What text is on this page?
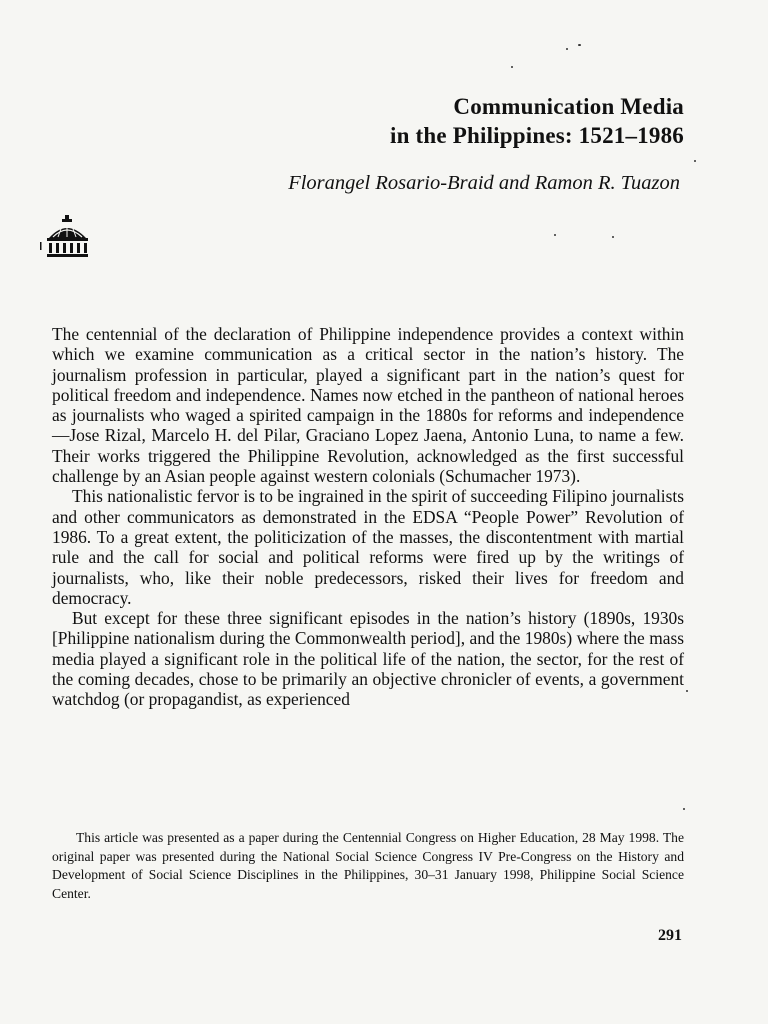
Communication Media
in the Philippines: 1521–1986
Florangel Rosario-Braid and Ramon R. Tuazon

The centennial of the declaration of Philippine independence provides a context within which we examine communication as a critical sector in the nation’s history. The journalism profession in particular, played a significant part in the nation’s quest for political freedom and independence. Names now etched in the pantheon of national heroes as journalists who waged a spirited campaign in the 1880s for reforms and independence—Jose Rizal, Marcelo H. del Pilar, Graciano Lopez Jaena, Antonio Luna, to name a few. Their works triggered the Philippine Revolution, acknowledged as the first successful challenge by an Asian people against western colonials (Schumacher 1973).

This nationalistic fervor is to be ingrained in the spirit of succeeding Filipino journalists and other communicators as demonstrated in the EDSA “People Power” Revolution of 1986. To a great extent, the politicization of the masses, the discontentment with martial rule and the call for social and political reforms were fired up by the writings of journalists, who, like their noble predecessors, risked their lives for freedom and democracy.

But except for these three significant episodes in the nation’s history (1890s, 1930s [Philippine nationalism during the Commonwealth period], and the 1980s) where the mass media played a significant role in the political life of the nation, the sector, for the rest of the coming decades, chose to be primarily an objective chronicler of events, a government watchdog (or propagandist, as experienced

This article was presented as a paper during the Centennial Congress on Higher Education, 28 May 1998. The original paper was presented during the National Social Science Congress IV Pre-Congress on the History and Development of Social Science Disciplines in the Philippines, 30–31 January 1998, Philippine Social Science Center.

291
